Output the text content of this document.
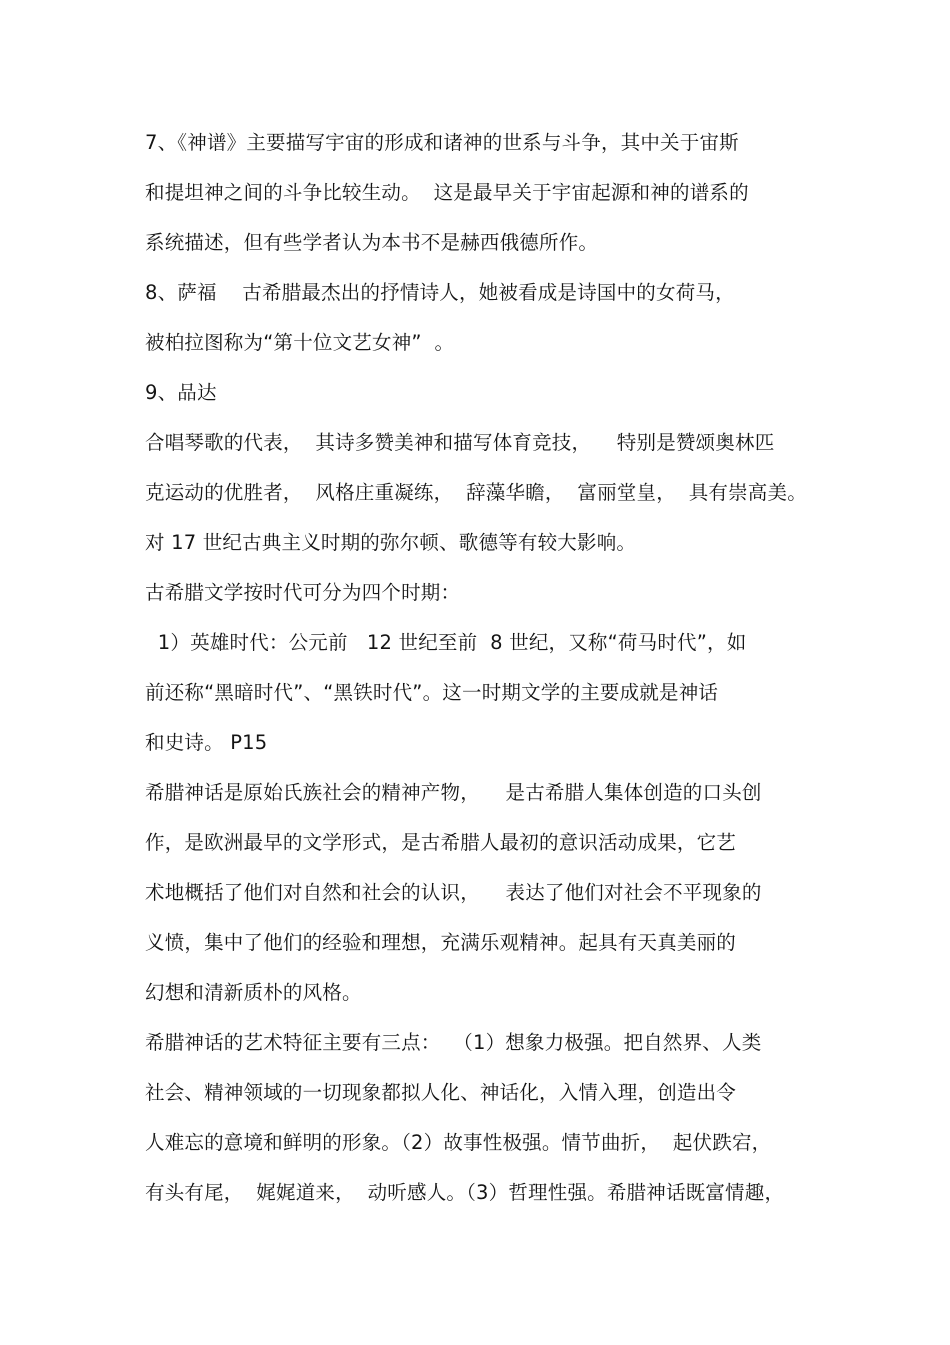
7、《神谱》主要描写宇宙的形成和诸神的世系与斗争，其中关于宙斯
和提坦神之间的斗争比较生动。  这是最早关于宇宙起源和神的谱系的
系统描述，但有些学者认为本书不是赫西俄德所作。
8、萨福    古希腊最杰出的抒情诗人，她被看成是诗国中的女荷马，
被柏拉图称为“第十位文艺女神”  。
9、品达
合唱琴歌的代表，  其诗多赞美神和描写体育竞技，    特别是赞颂奥林匹
克运动的优胜者，  风格庄重凝练，  辞藻华瞻，  富丽堂皇，  具有崇高美。
对 17 世纪古典主义时期的弥尔顿、歌德等有较大影响。
古希腊文学按时代可分为四个时期：
1）英雄时代：公元前   12 世纪至前  8 世纪，又称“荷马时代”，如
前还称“黑暗时代”、“黑铁时代”。这一时期文学的主要成就是神话
和史诗。 P15
希腊神话是原始氏族社会的精神产物，    是古希腊人集体创造的口头创
作，是欧洲最早的文学形式，是古希腊人最初的意识活动成果，它艺
术地概括了他们对自然和社会的认识，    表达了他们对社会不平现象的
义愤，集中了他们的经验和理想，充满乐观精神。起具有天真美丽的
幻想和清新质朴的风格。
希腊神话的艺术特征主要有三点：  （1）想象力极强。把自然界、人类
社会、精神领域的一切现象都拟人化、神话化，入情入理，创造出令
人难忘的意境和鲜明的形象。（2）故事性极强。情节曲折，  起伏跌宕，
有头有尾，  娓娓道来，  动听感人。（3）哲理性强。希腊神话既富情趣，
